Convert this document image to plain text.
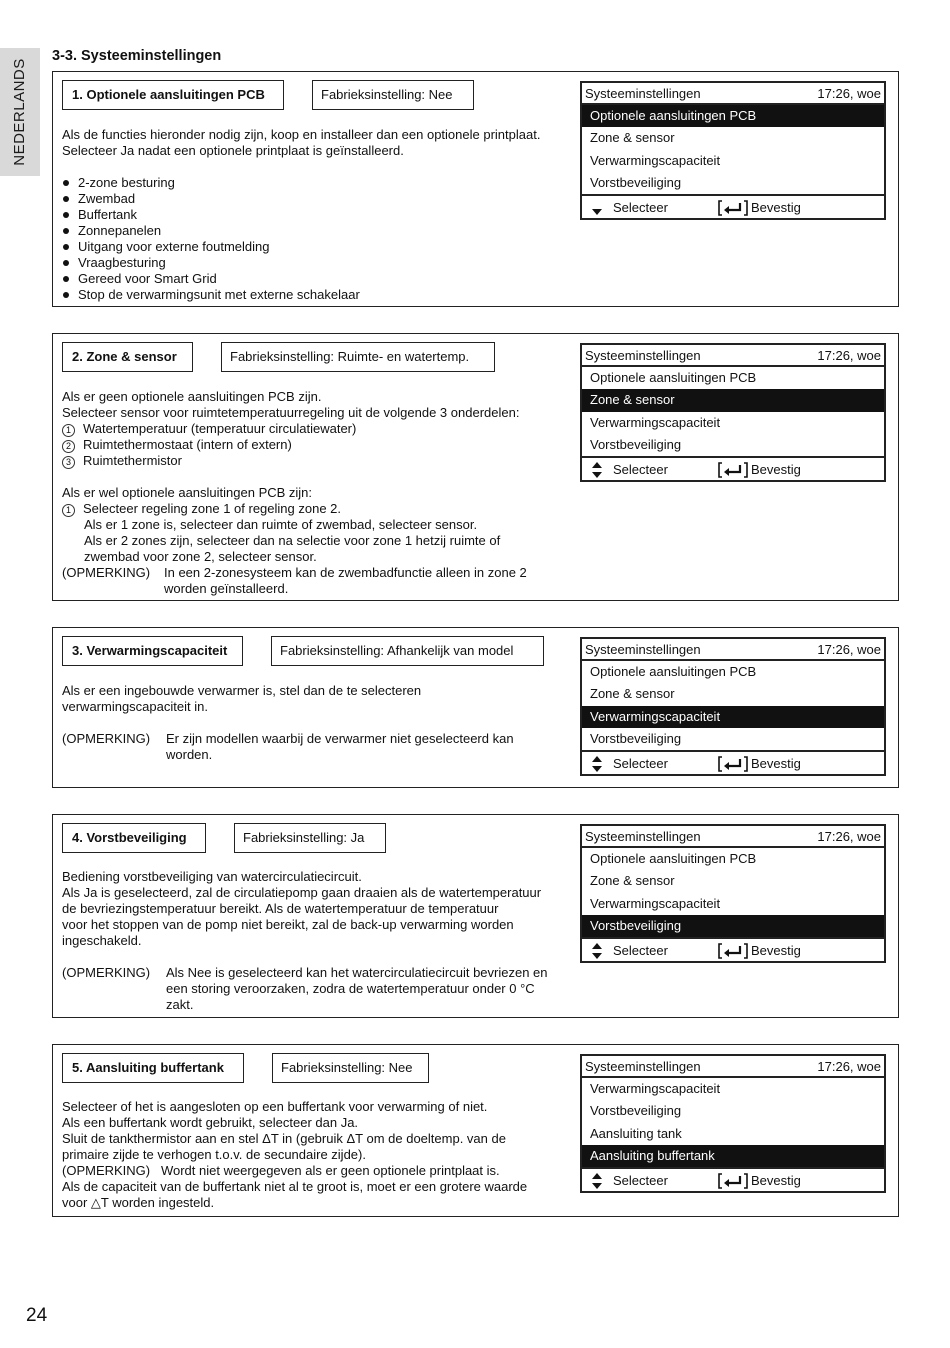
NEDERLANDS
3-3. Systeeminstellingen
24
1. Optionele aansluitingen PCB	Fabrieksinstelling: Nee

Als de functies hieronder nodig zijn, koop en installeer dan een optionele printplaat.

Selecteer Ja nadat een optionele printplaat is geïnstalleerd.

2-zone besturing
Zwembad
Buffertank
Zonnepanelen
Uitgang voor externe foutmelding
Vraagbesturing
Gereed voor Smart Grid
Stop de verwarmingsunit met externe schakelaar
Systeeminstellingen	17:26, woe
Optionele aansluitingen PCB
Zone & sensor
Verwarmingscapaciteit
Vorstbeveiliging
Selecteer	Bevestig
2. Zone & sensor	Fabrieksinstelling: Ruimte- en watertemp.

Als er geen optionele aansluitingen PCB zijn.

Selecteer sensor voor ruimtetemperatuurregeling uit de volgende 3 onderdelen:

1 Watertemperatuur (temperatuur circulatiewater)

2 Ruimtethermostaat (intern of extern)

3 Ruimtethermistor

Als er wel optionele aansluitingen PCB zijn:

1 Selecteer regeling zone 1 of regeling zone 2.

Als er 1 zone is, selecteer dan ruimte of zwembad, selecteer sensor.

Als er 2 zones zijn, selecteer dan na selectie voor zone 1 hetzij ruimte of

zwembad voor zone 2, selecteer sensor.

(OPMERKING)	In een 2-zonesysteem kan de zwembadfunctie alleen in zone 2

worden geïnstalleerd.

Systeeminstellingen	17:26, woe
Optionele aansluitingen PCB
Zone & sensor
Verwarmingscapaciteit
Vorstbeveiliging
Selecteer	Bevestig
3. Verwarmingscapaciteit	Fabrieksinstelling: Afhankelijk van model

Als er een ingebouwde verwarmer is, stel dan de te selecteren

verwarmingscapaciteit in.

(OPMERKING)	Er zijn modellen waarbij de verwarmer niet geselecteerd kan

worden.

Systeeminstellingen	17:26, woe
Optionele aansluitingen PCB
Zone & sensor
Verwarmingscapaciteit
Vorstbeveiliging
Selecteer	Bevestig
4. Vorstbeveiliging	Fabrieksinstelling: Ja

Bediening vorstbeveiliging van watercirculatiecircuit.

Als Ja is geselecteerd, zal de circulatiepomp gaan draaien als de watertemperatuur

de bevriezingstemperatuur bereikt. Als de watertemperatuur de temperatuur

voor het stoppen van de pomp niet bereikt, zal de back-up verwarming worden

ingeschakeld.

(OPMERKING)	Als Nee is geselecteerd kan het watercirculatiecircuit bevriezen en

een storing veroorzaken, zodra de watertemperatuur onder 0 °C

zakt.

Systeeminstellingen	17:26, woe
Optionele aansluitingen PCB
Zone & sensor
Verwarmingscapaciteit
Vorstbeveiliging
Selecteer	Bevestig
5. Aansluiting buffertank	Fabrieksinstelling: Nee

Selecteer of het is aangesloten op een buffertank voor verwarming of niet.

Als een buffertank wordt gebruikt, selecteer dan Ja.

Sluit de tankthermistor aan en stel ΔT in (gebruik ΔT om de doeltemp. van de

primaire zijde te verhogen t.o.v. de secundaire zijde).

(OPMERKING)   Wordt niet weergegeven als er geen optionele printplaat is.

Als de capaciteit van de buffertank niet al te groot is, moet er een grotere waarde

voor △T worden ingesteld.

Systeeminstellingen	17:26, woe
Verwarmingscapaciteit
Vorstbeveiliging
Aansluiting tank
Aansluiting buffertank
Selecteer	Bevestig
